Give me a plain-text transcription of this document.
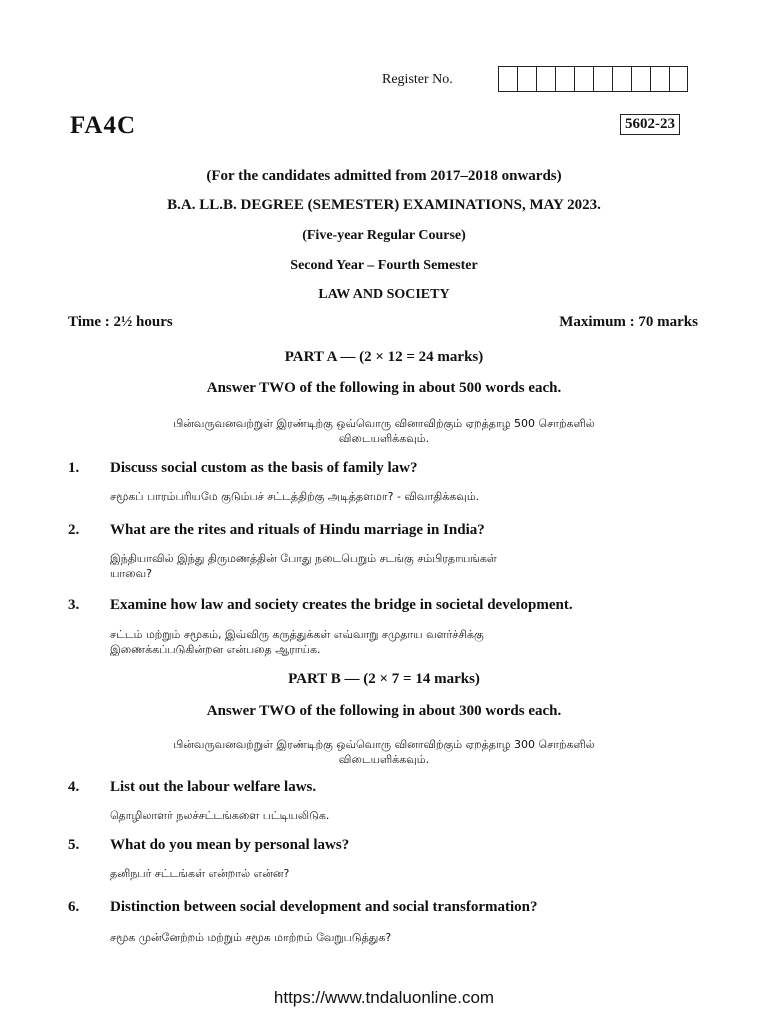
Register No.
FA4C	5602-23
(For the candidates admitted from 2017–2018 onwards)
B.A. LL.B. DEGREE (SEMESTER) EXAMINATIONS, MAY 2023.
(Five-year Regular Course)
Second Year – Fourth Semester
LAW AND SOCIETY
Time : 2½ hours	Maximum : 70 marks
PART A — (2 × 12 = 24 marks)
Answer TWO of the following in about 500 words each.
பின்வருவனவற்றுள் இரண்டிற்கு ஒவ்வொரு வினாவிற்கும் ஏறத்தாழ 500 சொற்களில்
விடையளிக்கவும்.
1. Discuss social custom as the basis of family law?
சமூகப் பாரம்பரியமே குடும்பச் சட்டத்திற்கு அடித்தளமா? - விவாதிக்கவும்.
2. What are the rites and rituals of Hindu marriage in India?
இந்தியாவில் இந்து திருமணத்தின் போது நடைபெறும் சடங்கு சம்பிரதாயங்கள்
யாவை?
3. Examine how law and society creates the bridge in societal development.
சட்டம் மற்றும் சமூகம், இவ்விரு கருத்துக்கள் எவ்வாறு சமுதாய வளர்ச்சிக்கு
இணைக்கப்படுகின்றன என்பதை ஆராய்க.
PART B — (2 × 7 = 14 marks)
Answer TWO of the following in about 300 words each.
பின்வருவனவற்றுள் இரண்டிற்கு ஒவ்வொரு வினாவிற்கும் ஏறத்தாழ 300 சொற்களில்
விடையளிக்கவும்.
4. List out the labour welfare laws.
தொழிலாளர் நலச்சட்டங்களை பட்டியலிடுக.
5. What do you mean by personal laws?
தனிநபர் சட்டங்கள் என்றால் என்ன?
6. Distinction between social development and social transformation?
சமூக முன்னேற்றம் மற்றும் சமூக மாற்றம் வேறுபடுத்துக?
https://www.tndaluonline.com
